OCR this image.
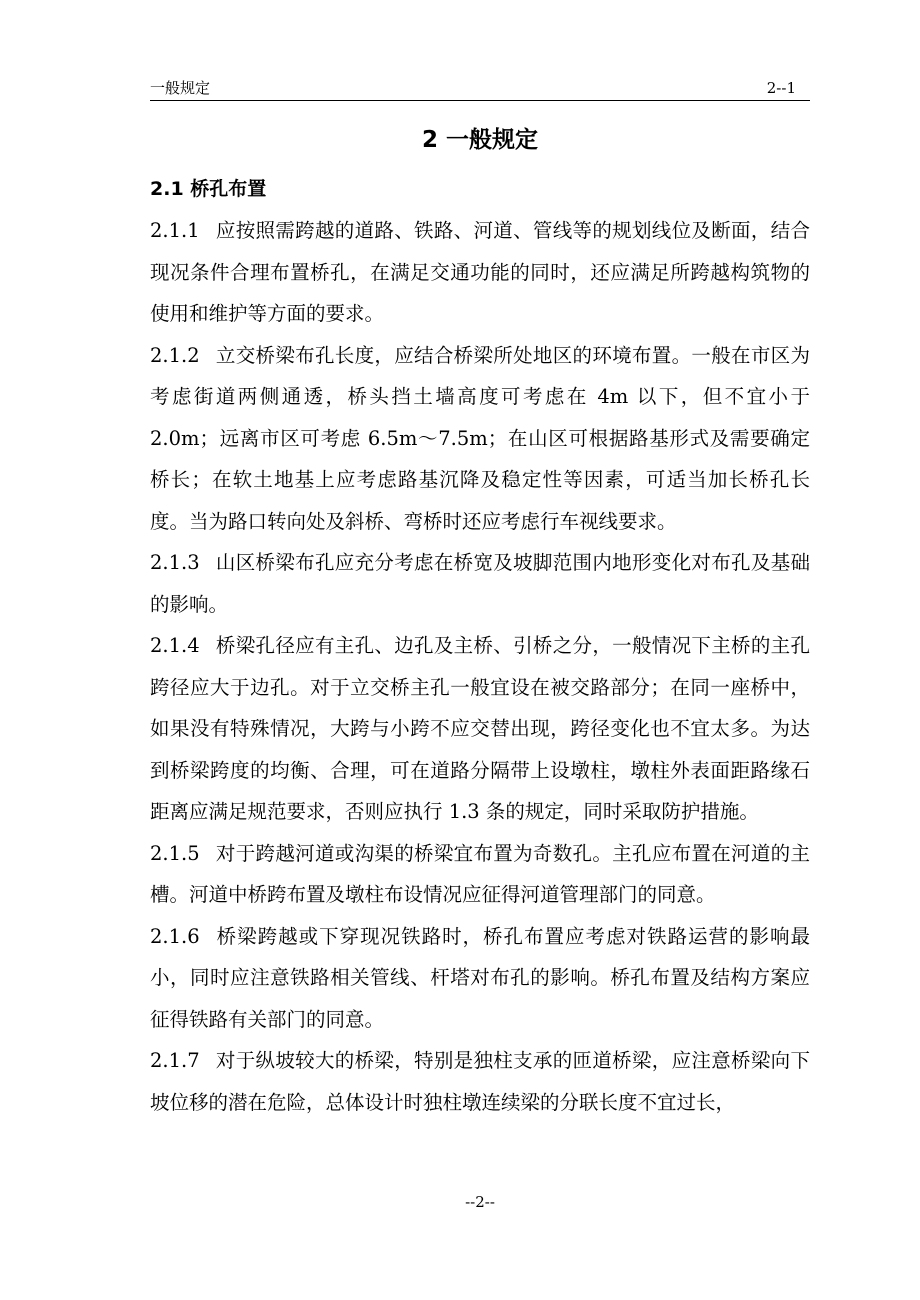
一般规定	2--1
2 一般规定
2.1 桥孔布置

2.1.1 应按照需跨越的道路、铁路、河道、管线等的规划线位及断面，结合现况条件合理布置桥孔，在满足交通功能的同时，还应满足所跨越构筑物的使用和维护等方面的要求。

2.1.2 立交桥梁布孔长度，应结合桥梁所处地区的环境布置。一般在市区为考虑街道两侧通透，桥头挡土墙高度可考虑在 4m 以下，但不宜小于 2.0m；远离市区可考虑 6.5m～7.5m；在山区可根据路基形式及需要确定桥长；在软土地基上应考虑路基沉降及稳定性等因素，可适当加长桥孔长度。当为路口转向处及斜桥、弯桥时还应考虑行车视线要求。

2.1.3 山区桥梁布孔应充分考虑在桥宽及坡脚范围内地形变化对布孔及基础的影响。

2.1.4 桥梁孔径应有主孔、边孔及主桥、引桥之分，一般情况下主桥的主孔跨径应大于边孔。对于立交桥主孔一般宜设在被交路部分；在同一座桥中，如果没有特殊情况，大跨与小跨不应交替出现，跨径变化也不宜太多。为达到桥梁跨度的均衡、合理，可在道路分隔带上设墩柱，墩柱外表面距路缘石距离应满足规范要求，否则应执行 1.3 条的规定，同时采取防护措施。

2.1.5 对于跨越河道或沟渠的桥梁宜布置为奇数孔。主孔应布置在河道的主槽。河道中桥跨布置及墩柱布设情况应征得河道管理部门的同意。

2.1.6 桥梁跨越或下穿现况铁路时，桥孔布置应考虑对铁路运营的影响最小，同时应注意铁路相关管线、杆塔对布孔的影响。桥孔布置及结构方案应征得铁路有关部门的同意。

2.1.7 对于纵坡较大的桥梁，特别是独柱支承的匝道桥梁，应注意桥梁向下坡位移的潜在危险，总体设计时独柱墩连续梁的分联长度不宜过长，

--2--
